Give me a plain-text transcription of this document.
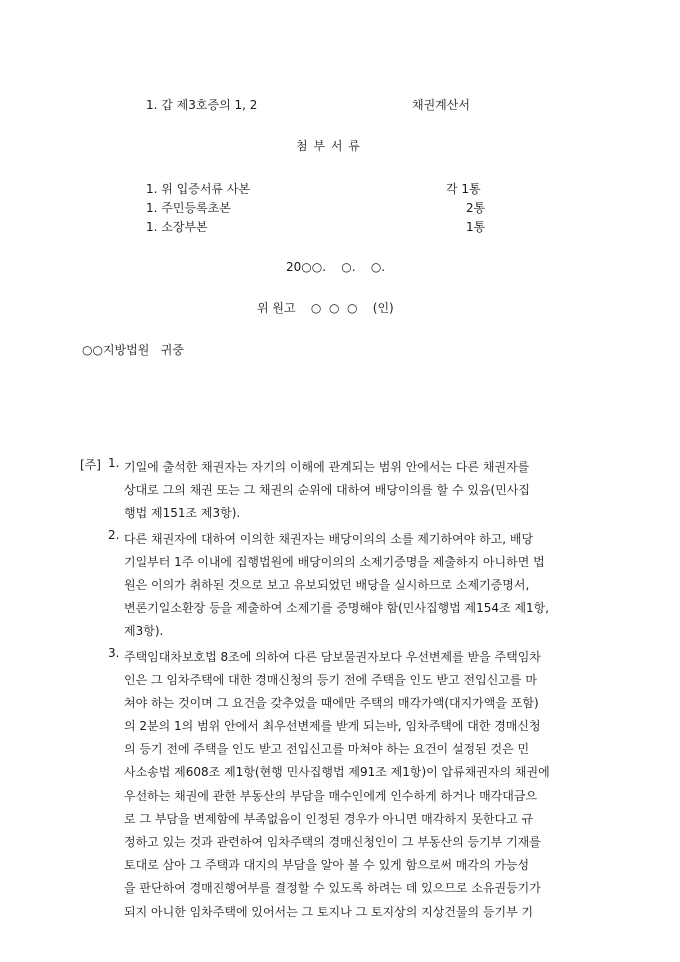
1. 갑 제3호증의 1, 2	채권계산서
첨 부 서 류
1. 위 입증서류 사본	각 1통
1. 주민등록초본	2통
1. 소장부본	1통
20○○.    ○.    ○.
위 원고    ○  ○  ○    (인)
○○지방법원   귀중
[주] 1. 기일에 출석한 채권자는 자기의 이해에 관계되는 범위 안에서는 다른 채권자를
상대로 그의 채권 또는 그 채권의 순위에 대하여 배당이의를 할 수 있음(민사집
행법 제151조 제3항).
2. 다른 채권자에 대하여 이의한 채권자는 배당이의의 소를 제기하여야 하고, 배당
기일부터 1주 이내에 집행법원에 배당이의의 소제기증명을 제출하지 아니하면 법
원은 이의가 취하된 것으로 보고 유보되었던 배당을 실시하므로 소제기증명서,
변론기일소환장 등을 제출하여 소제기를 증명해야 함(민사집행법 제154조 제1항,
제3항).
3. 주택임대차보호법 8조에 의하여 다른 담보물권자보다 우선변제를 받을 주택임차
인은 그 임차주택에 대한 경매신청의 등기 전에 주택을 인도 받고 전입신고를 마
쳐야 하는 것이며 그 요건을 갖추었을 때에만 주택의 매각가액(대지가액을 포함)
의 2분의 1의 범위 안에서 최우선변제를 받게 되는바, 임차주택에 대한 경매신청
의 등기 전에 주택을 인도 받고 전입신고를 마쳐야 하는 요건이 설정된 것은 민
사소송법 제608조 제1항(현행 민사집행법 제91조 제1항)이 압류채권자의 채권에
우선하는 채권에 관한 부동산의 부담을 매수인에게 인수하게 하거나 매각대금으
로 그 부담을 변제함에 부족없음이 인정된 경우가 아니면 매각하지 못한다고 규
정하고 있는 것과 관련하여 임차주택의 경매신청인이 그 부동산의 등기부 기재를
토대로 삼아 그 주택과 대지의 부담을 알아 볼 수 있게 함으로써 매각의 가능성
을 판단하여 경매진행여부를 결정할 수 있도록 하려는 데 있으므로 소유권등기가
되지 아니한 임차주택에 있어서는 그 토지나 그 토지상의 지상건물의 등기부 기
